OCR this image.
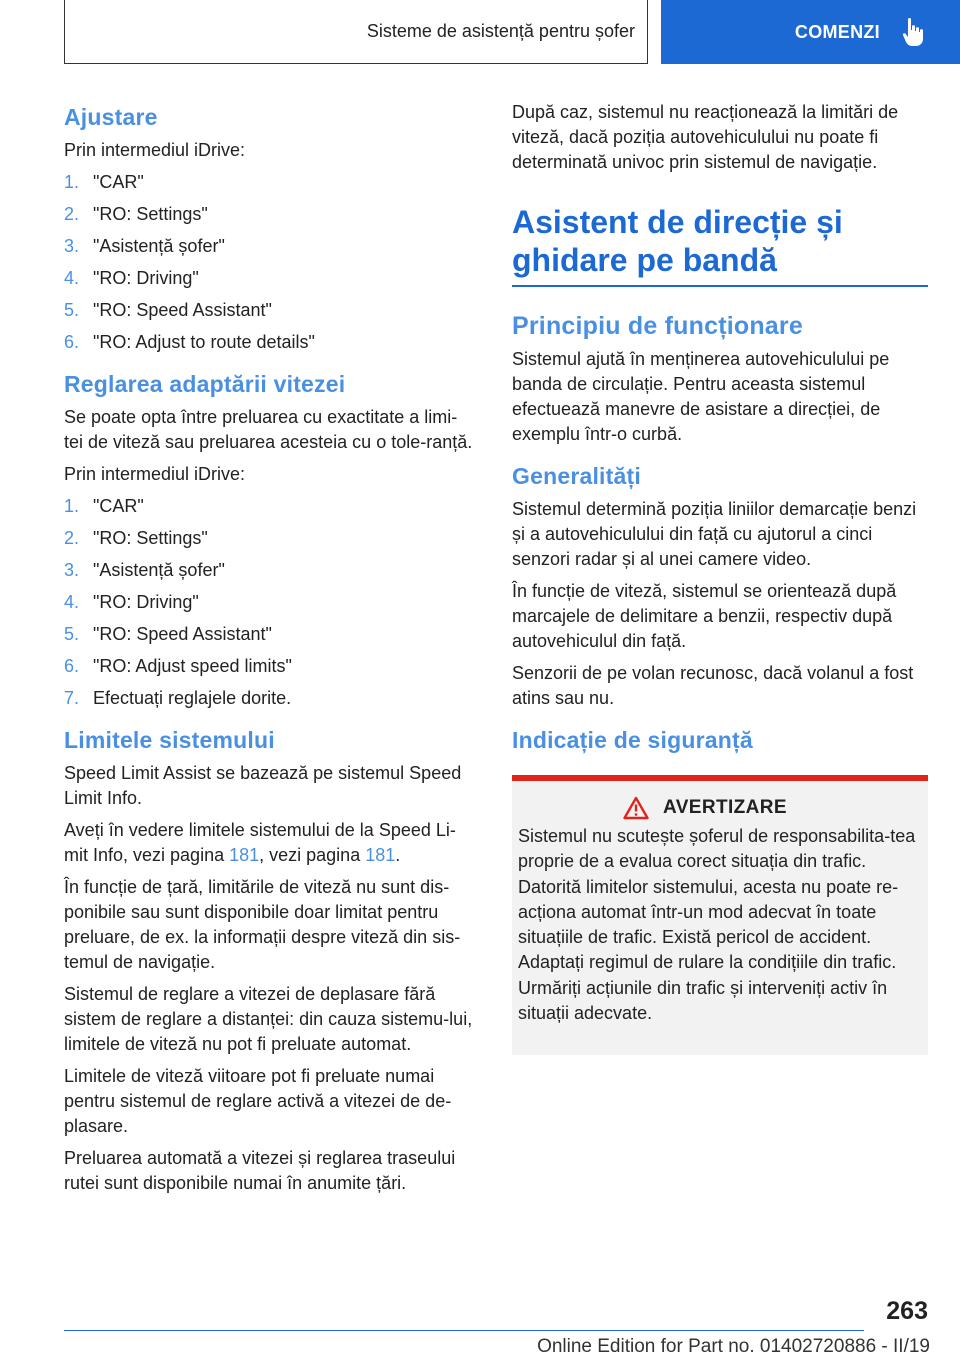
Sisteme de asistență pentru șofer	COMENZI
Ajustare

Prin intermediul iDrive:

1. "CAR"
2. "RO: Settings"
3. "Asistență șofer"
4. "RO: Driving"
5. "RO: Speed Assistant"
6. "RO: Adjust to route details"
Reglarea adaptării vitezei

Se poate opta între preluarea cu exactitate a limi-tei de viteză sau preluarea acesteia cu o tole-ranță.

Prin intermediul iDrive:

1. "CAR"
2. "RO: Settings"
3. "Asistență șofer"
4. "RO: Driving"
5. "RO: Speed Assistant"
6. "RO: Adjust speed limits"
7. Efectuați reglajele dorite.
Limitele sistemului

Speed Limit Assist se bazează pe sistemul Speed Limit Info.

Aveți în vedere limitele sistemului de la Speed Li-mit Info, vezi pagina 181, vezi pagina 181.

În funcție de țară, limitările de viteză nu sunt dis-ponibile sau sunt disponibile doar limitat pentru preluare, de ex. la informații despre viteză din sis-temul de navigație.

Sistemul de reglare a vitezei de deplasare fără sistem de reglare a distanței: din cauza sistemu-lui, limitele de viteză nu pot fi preluate automat.

Limitele de viteză viitoare pot fi preluate numai pentru sistemul de reglare activă a vitezei de de-plasare.

Preluarea automată a vitezei și reglarea traseului rutei sunt disponibile numai în anumite țări.

După caz, sistemul nu reacționează la limitări de viteză, dacă poziția autovehiculului nu poate fi determinată univoc prin sistemul de navigație.

Asistent de direcție și
ghidare pe bandă
Principiu de funcționare

Sistemul ajută în menținerea autovehiculului pe banda de circulație. Pentru aceasta sistemul efectuează manevre de asistare a direcției, de exemplu într-o curbă.

Generalități

Sistemul determină poziția liniilor demarcație benzi și a autovehiculului din față cu ajutorul a cinci senzori radar și al unei camere video.

În funcție de viteză, sistemul se orientează după marcajele de delimitare a benzii, respectiv după autovehiculul din față.

Senzorii de pe volan recunosc, dacă volanul a fost atins sau nu.

Indicație de siguranță
AVERTIZARE

Sistemul nu scutește șoferul de responsabilita-tea proprie de a evalua corect situația din trafic. Datorită limitelor sistemului, acesta nu poate re-acționa automat într-un mod adecvat în toate situațiile de trafic. Există pericol de accident. Adaptați regimul de rulare la condițiile din trafic. Urmăriți acțiunile din trafic și interveniți activ în situații adecvate.

263
Online Edition for Part no. 01402720886 - II/19
